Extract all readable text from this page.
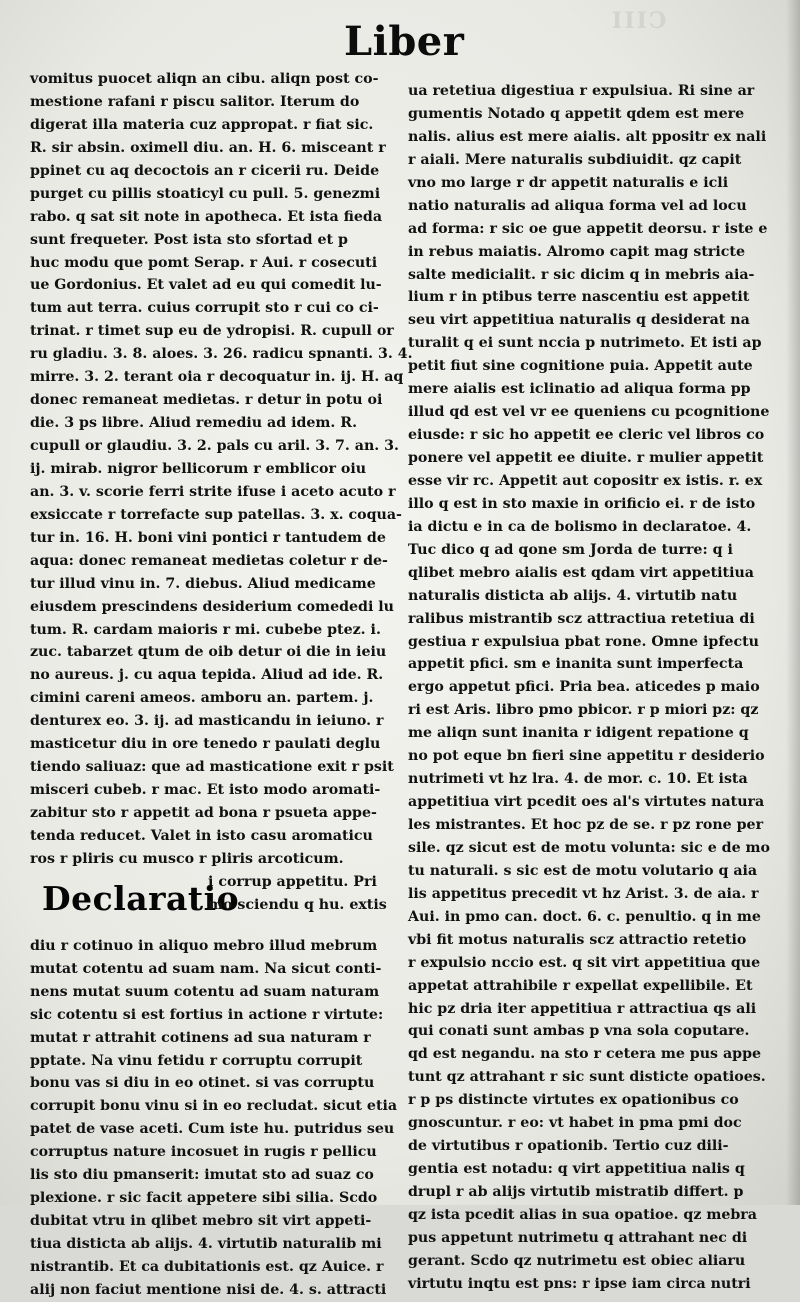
CIII
Liber
vomitus puocet aliqn an cibu. aliqn post co-
mestione rafani r piscu salitor. Iterum do
digerat illa materia cuz appropat. r fiat sic.
R. sir absin. oximell diu. an. H. 6. misceant r
ppinet cu aq decoctois an r cicerii ru. Deide
purget cu pillis stoaticyl cu pull. 5. genezmi
rabo. q sat sit note in apotheca. Et ista fieda
sunt frequeter. Post ista sto sfortad et p
huc modu que pomt Serap. r Aui. r cosecuti
ue Gordonius. Et valet ad eu qui comedit lu-
tum aut terra. cuius corrupit sto r cui co ci-
trinat. r timet sup eu de ydropisi. R. cupull or
ru gladiu. 3. 8. aloes. 3. 26. radicu spnanti. 3. 4.
mirre. 3. 2. terant oia r decoquatur in. ij. H. aq
donec remaneat medietas. r detur in potu oi
die. 3 ps libre. Aliud remediu ad idem. R.
cupull or glaudiu. 3. 2. pals cu aril. 3. 7. an. 3.
ij. mirab. nigror bellicorum r emblicor oiu
an. 3. v. scorie ferri strite ifuse i aceto acuto r
exsiccate r torrefacte sup patellas. 3. x. coqua-
tur in. 16. H. boni vini pontici r tantudem de
aqua: donec remaneat medietas coletur r de-
tur illud vinu in. 7. diebus. Aliud medicame
eiusdem prescindens desiderium comededi lu
tum. R. cardam maioris r mi. cubebe ptez. i.
zuc. tabarzet qtum de oib detur oi die in ieiu
no aureus. j. cu aqua tepida. Aliud ad ide. R.
cimini careni ameos. amboru an. partem. j.
denturex eo. 3. ij. ad masticandu in ieiuno. r
masticetur diu in ore tenedo r paulati deglu
tiendo saliuaz: que ad masticatione exit r psit
misceri cubeb. r mac. Et isto modo aromati-
zabitur sto r appetit ad bona r psueta appe-
tenda reducet. Valet in isto casu aromaticu
ros r pliris cu musco r pliris arcoticum.
Declaratio
i corrup appetitu. Pri
mo sciendu q hu. extis
diu r cotinuo in aliquo mebro illud mebrum
mutat cotentu ad suam nam. Na sicut conti-
nens mutat suum cotentu ad suam naturam
sic cotentu si est fortius in actione r virtute:
mutat r attrahit cotinens ad sua naturam r
pptate. Na vinu fetidu r corruptu corrupit
bonu vas si diu in eo otinet. si vas corruptu
corrupit bonu vinu si in eo recludat. sicut etia
patet de vase aceti. Cum iste hu. putridus seu
corruptus nature incosuet in rugis r pellicu
lis sto diu pmanserit: imutat sto ad suaz co
plexione. r sic facit appetere sibi silia. Scdo
dubitat vtru in qlibet mebro sit virt appeti-
tiua disticta ab alijs. 4. virtutib naturalib mi
nistrantib. Et ca dubitationis est. qz Auice. r
alij non faciut mentione nisi de. 4. s. attracti
ua retetiua digestiua r expulsiua. Ri sine ar
gumentis Notado q appetit qdem est mere
nalis. alius est mere aialis. alt ppositr ex nali
r aiali. Mere naturalis subdiuidit. qz capit
vno mo large r dr appetit naturalis e icli
natio naturalis ad aliqua forma vel ad locu
ad forma: r sic oe gue appetit deorsu. r iste e
in rebus maiatis. Alromo capit mag stricte
salte medicialit. r sic dicim q in mebris aia-
lium r in ptibus terre nascentiu est appetit
seu virt appetitiua naturalis q desiderat na
turalit q ei sunt nccia p nutrimeto. Et isti ap
petit fiut sine cognitione puia. Appetit aute
mere aialis est iclinatio ad aliqua forma pp
illud qd est vel vr ee queniens cu pcognitione
eiusde: r sic ho appetit ee cleric vel libros co
ponere vel appetit ee diuite. r mulier appetit
esse vir rc. Appetit aut copositr ex istis. r. ex
illo q est in sto maxie in orificio ei. r de isto
ia dictu e in ca de bolismo in declaratoe. 4.
Tuc dico q ad qone sm Jorda de turre: q i
qlibet mebro aialis est qdam virt appetitiua
naturalis disticta ab alijs. 4. virtutib natu
ralibus mistrantib scz attractiua retetiua di
gestiua r expulsiua pbat rone. Omne ipfectu
appetit pfici. sm e inanita sunt imperfecta
ergo appetut pfici. Pria bea. aticedes p maio
ri est Aris. libro pmo pbicor. r p miori pz: qz
me aliqn sunt inanita r idigent repatione q
no pot eque bn fieri sine appetitu r desiderio
nutrimeti vt hz lra. 4. de mor. c. 10. Et ista
appetitiua virt pcedit oes al's virtutes natura
les mistrantes. Et hoc pz de se. r pz rone per
sile. qz sicut est de motu volunta: sic e de mo
tu naturali. s sic est de motu volutario q aia
lis appetitus precedit vt hz Arist. 3. de aia. r
Aui. in pmo can. doct. 6. c. penultio. q in me
vbi fit motus naturalis scz attractio retetio
r expulsio nccio est. q sit virt appetitiua que
appetat attrahibile r expellat expellibile. Et
hic pz dria iter appetitiua r attractiua qs ali
qui conati sunt ambas p vna sola coputare.
qd est negandu. na sto r cetera me pus appe
tunt qz attrahant r sic sunt disticte opatioes.
r p ps distincte virtutes ex opationibus co
gnoscuntur. r eo: vt habet in pma pmi doc
de virtutibus r opationib. Tertio cuz dili-
gentia est notadu: q virt appetitiua nalis q
drupl r ab alijs virtutib mistratib differt. p
qz ista pcedit alias in sua opatioe. qz mebra
pus appetunt nutrimetu q attrahant nec di
gerant. Scdo qz nutrimetu est obiec aliaru
virtutu inqtu est pns: r ipse iam circa nutri
